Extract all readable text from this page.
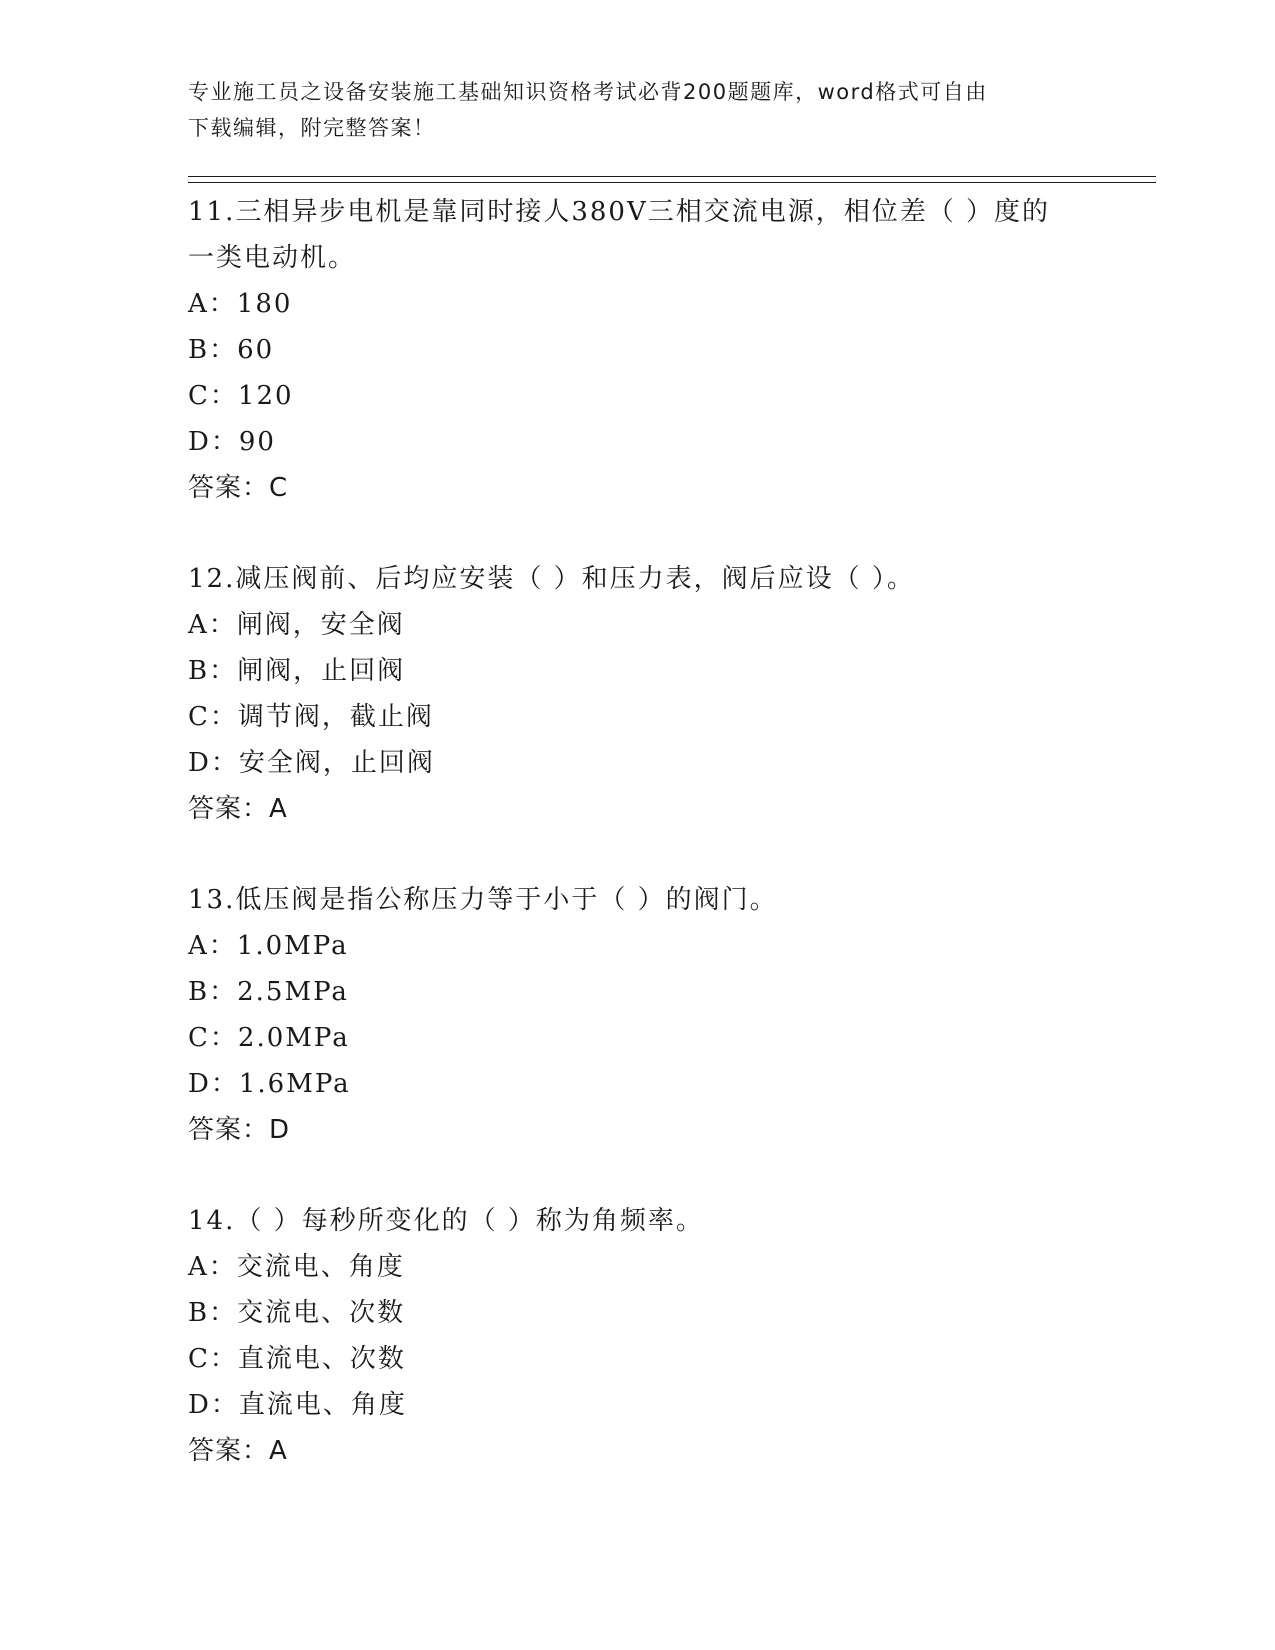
专业施工员之设备安装施工基础知识资格考试必背200题题库，word格式可自由
下载编辑，附完整答案！

11.三相异步电机是靠同时接人380V三相交流电源，相位差（ ）度的

一类电动机。

A：180

B：60

C：120

D：90

答案：C

12.减压阀前、后均应安装（ ）和压力表，阀后应设（ ）。

A：闸阀，安全阀

B：闸阀，止回阀

C：调节阀，截止阀

D：安全阀，止回阀

答案：A

13.低压阀是指公称压力等于小于（ ）的阀门。

A：1.0MPa

B：2.5MPa

C：2.0MPa

D：1.6MPa

答案：D

14.（ ）每秒所变化的（ ）称为角频率。

A：交流电、角度

B：交流电、次数

C：直流电、次数

D：直流电、角度

答案：A
